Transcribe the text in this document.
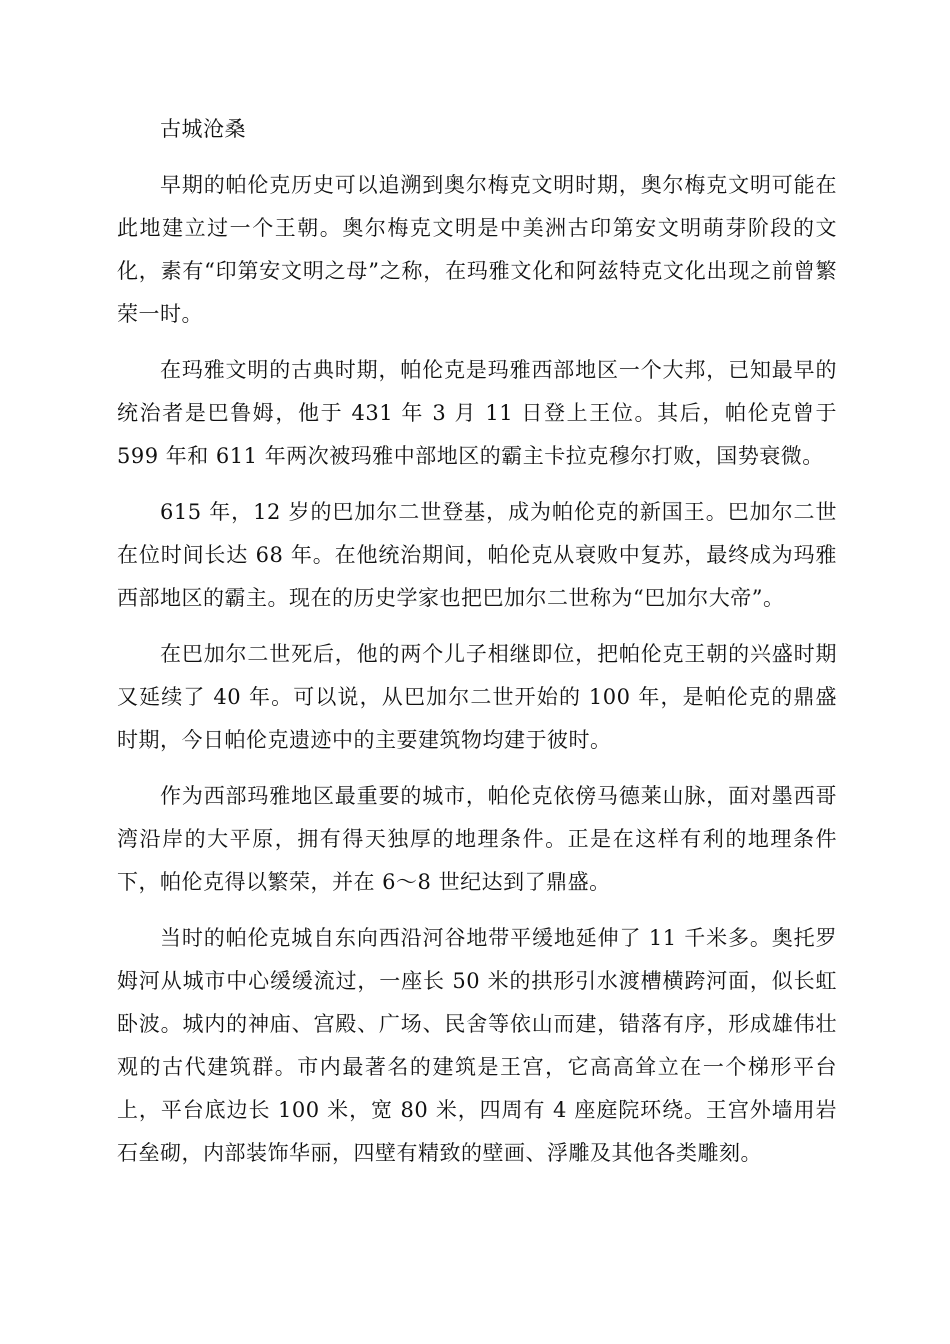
古城沧桑

早期的帕伦克历史可以追溯到奥尔梅克文明时期，奥尔梅克文明可能在此地建立过一个王朝。奥尔梅克文明是中美洲古印第安文明萌芽阶段的文化，素有“印第安文明之母”之称，在玛雅文化和阿兹特克文化出现之前曾繁荣一时。

在玛雅文明的古典时期，帕伦克是玛雅西部地区一个大邦，已知最早的统治者是巴鲁姆，他于 431 年 3 月 11 日登上王位。其后，帕伦克曾于 599 年和 611 年两次被玛雅中部地区的霸主卡拉克穆尔打败，国势衰微。

615 年，12 岁的巴加尔二世登基，成为帕伦克的新国王。巴加尔二世在位时间长达 68 年。在他统治期间，帕伦克从衰败中复苏，最终成为玛雅西部地区的霸主。现在的历史学家也把巴加尔二世称为“巴加尔大帝”。

在巴加尔二世死后，他的两个儿子相继即位，把帕伦克王朝的兴盛时期又延续了 40 年。可以说，从巴加尔二世开始的 100 年，是帕伦克的鼎盛时期，今日帕伦克遗迹中的主要建筑物均建于彼时。

作为西部玛雅地区最重要的城市，帕伦克依傍马德莱山脉，面对墨西哥湾沿岸的大平原，拥有得天独厚的地理条件。正是在这样有利的地理条件下，帕伦克得以繁荣，并在 6～8 世纪达到了鼎盛。

当时的帕伦克城自东向西沿河谷地带平缓地延伸了 11 千米多。奥托罗姆河从城市中心缓缓流过，一座长 50 米的拱形引水渡槽横跨河面，似长虹卧波。城内的神庙、宫殿、广场、民舍等依山而建，错落有序，形成雄伟壮观的古代建筑群。市内最著名的建筑是王宫，它高高耸立在一个梯形平台上，平台底边长 100 米，宽 80 米，四周有 4 座庭院环绕。王宫外墙用岩石垒砌，内部装饰华丽，四壁有精致的壁画、浮雕及其他各类雕刻。
